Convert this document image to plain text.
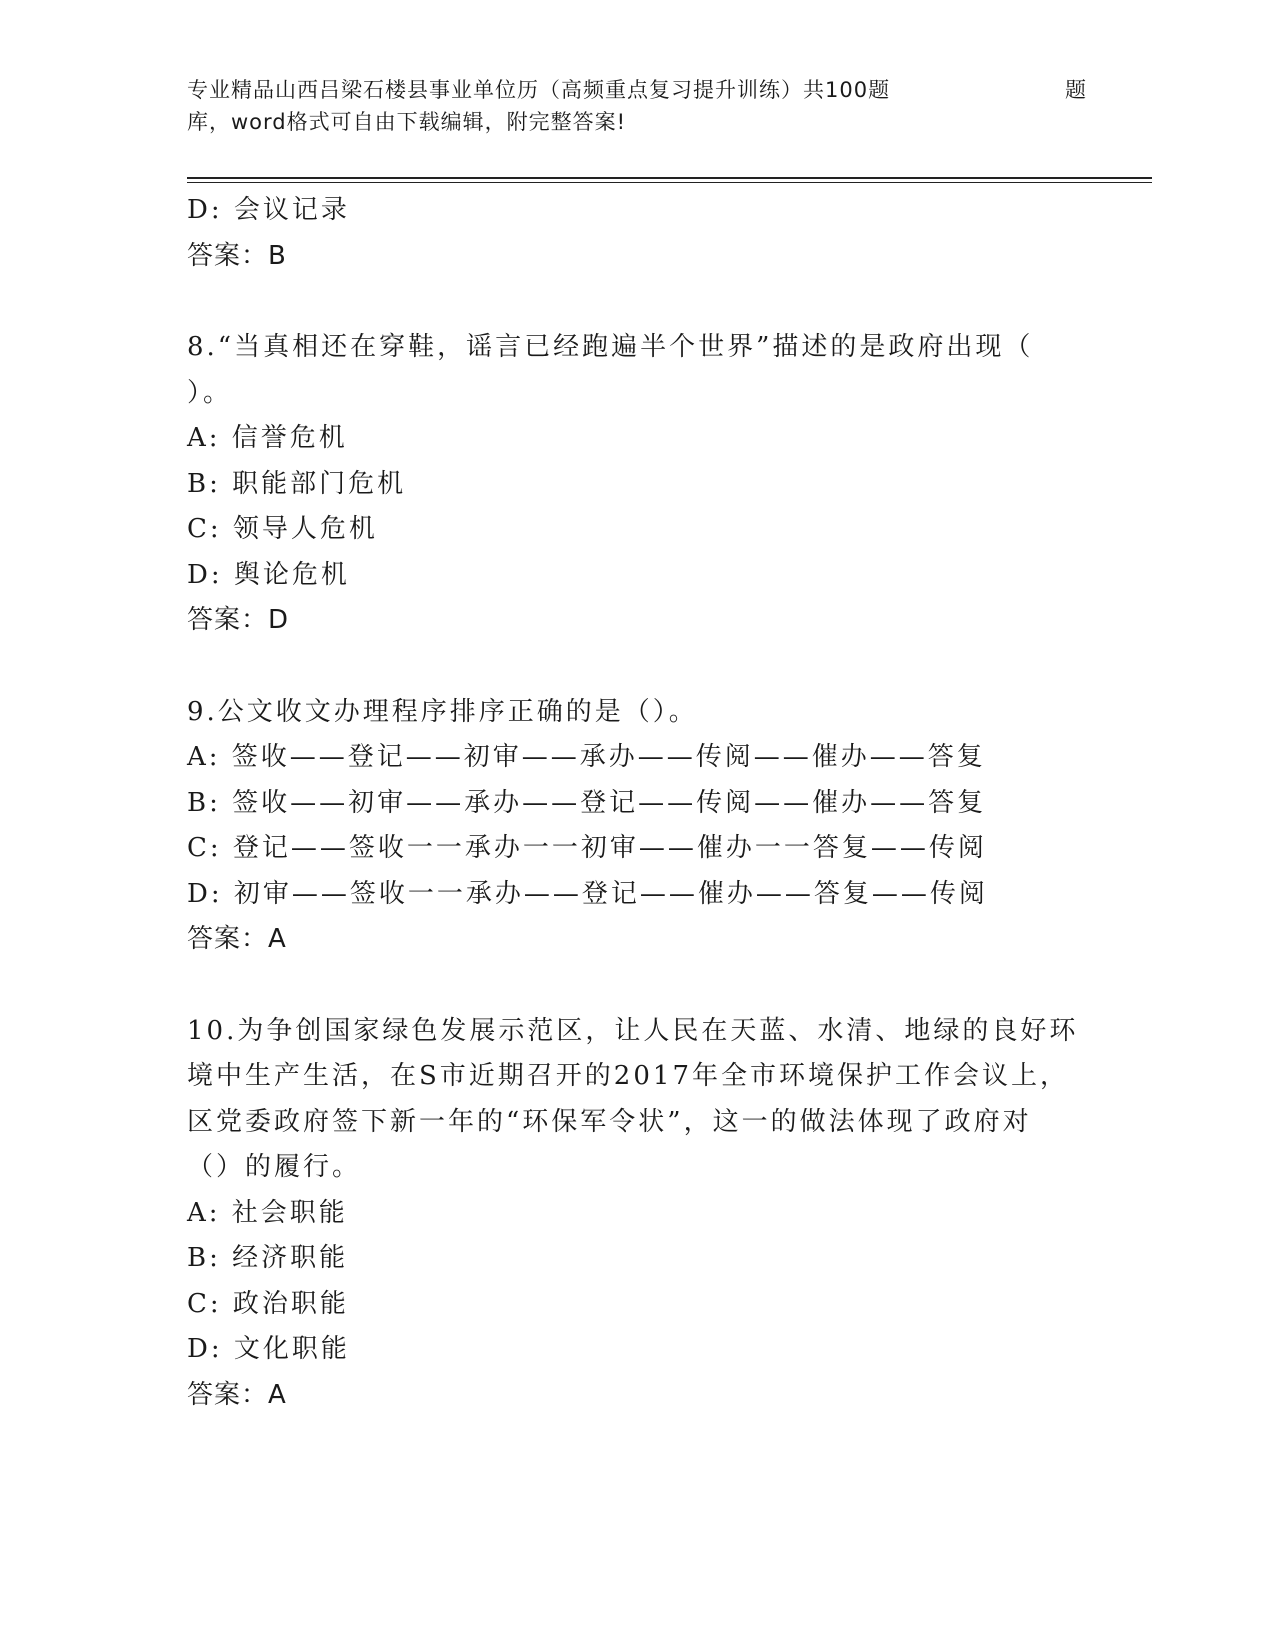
专业精品山西吕梁石楼县事业单位历（高频重点复习提升训练）共100题	题
库，word格式可自由下载编辑，附完整答案!
D: 会议记录
答案：B
8.“当真相还在穿鞋，谣言已经跑遍半个世界”描述的是政府出现（
）。
A: 信誉危机
B: 职能部门危机
C: 领导人危机
D: 舆论危机
答案：D
9.公文收文办理程序排序正确的是（）。
A: 签收——登记——初审——承办——传阅——催办——答复
B: 签收——初审——承办——登记——传阅——催办——答复
C: 登记——签收一一承办一一初审——催办一一答复——传阅
D: 初审——签收一一承办——登记——催办——答复——传阅
答案：A
10.为争创国家绿色发展示范区，让人民在天蓝、水清、地绿的良好环
境中生产生活，在S市近期召开的2017年全市环境保护工作会议上，
区党委政府签下新一年的“环保军令状”，这一的做法体现了政府对
（）的履行。
A: 社会职能
B: 经济职能
C: 政治职能
D: 文化职能
答案：A
